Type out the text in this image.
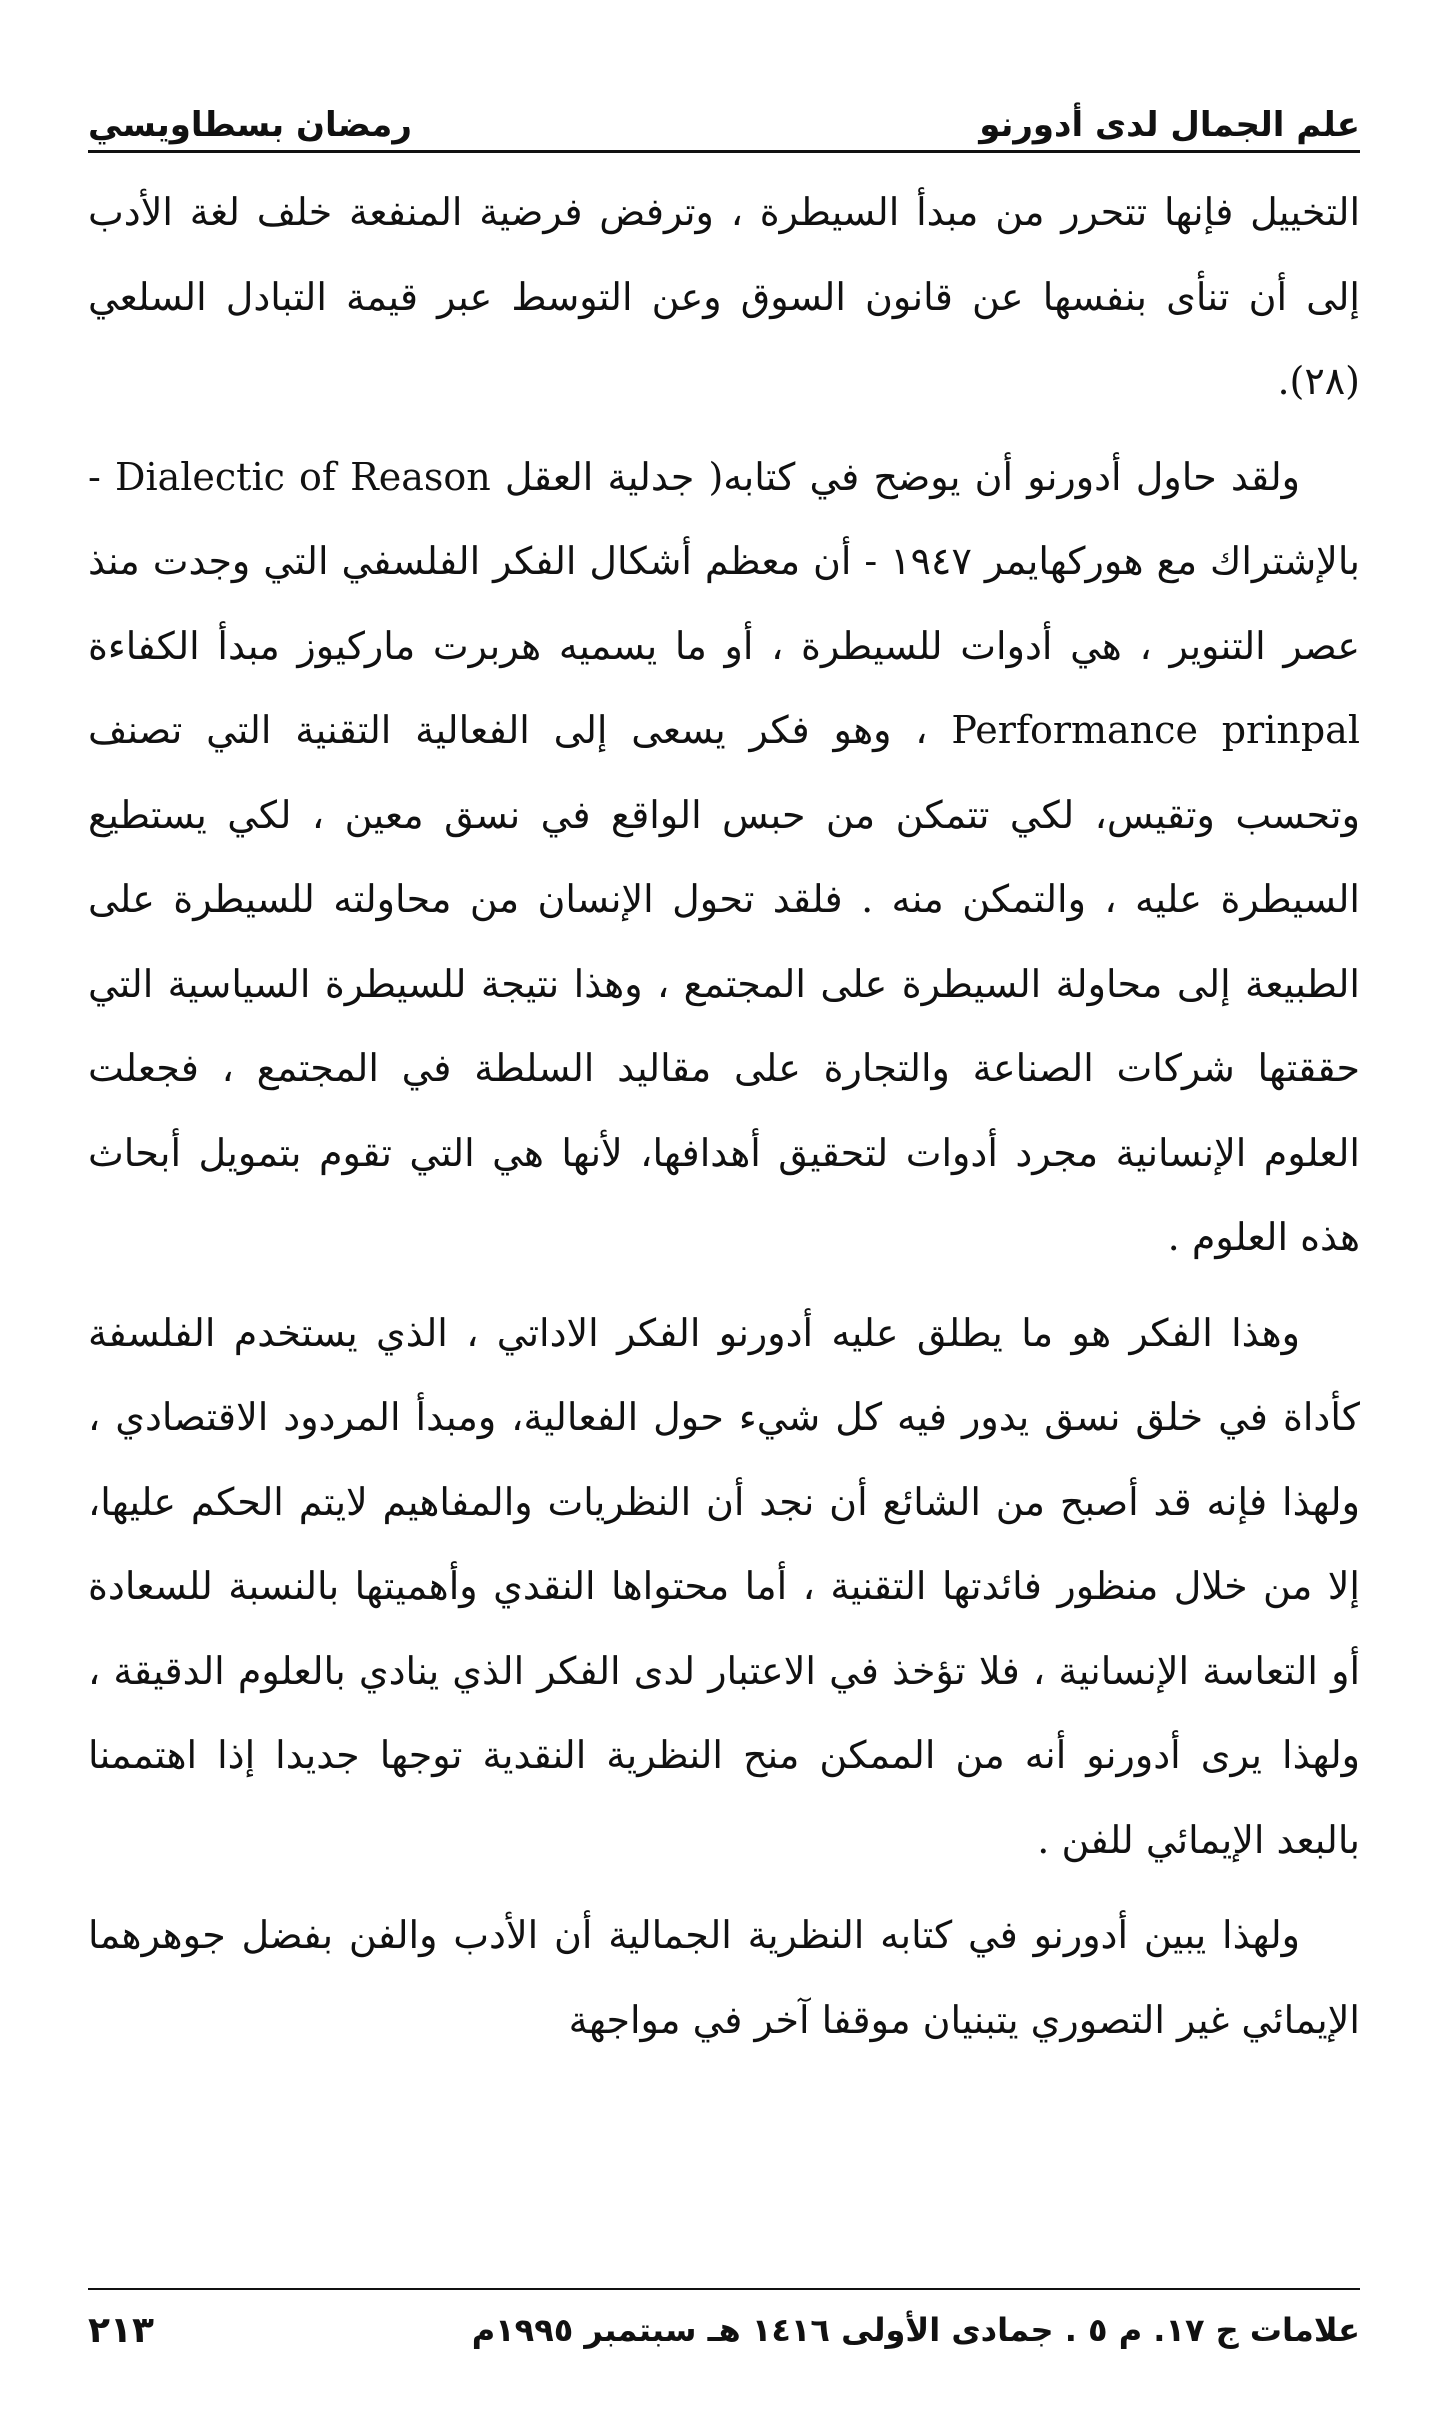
علم الجمال لدى أدورنو
رمضان بسطاويسي

التخييل فإنها تتحرر من مبدأ السيطرة ، وترفض فرضية المنفعة خلف لغة الأدب إلى أن تنأى بنفسها عن قانون السوق وعن التوسط عبر قيمة التبادل السلعي (٢٨).

ولقد حاول أدورنو أن يوضح في كتابه( جدلية العقل Dialectic of Reason - بالإشتراك مع هوركهايمر ١٩٤٧ - أن معظم أشكال الفكر الفلسفي التي وجدت منذ عصر التنوير ، هي أدوات للسيطرة ، أو ما يسميه هربرت ماركيوز مبدأ الكفاءة Performance prinpal ، وهو فكر يسعى إلى الفعالية التقنية التي تصنف وتحسب وتقيس، لكي تتمكن من حبس الواقع في نسق معين ، لكي يستطيع السيطرة عليه ، والتمكن منه . فلقد تحول الإنسان من محاولته للسيطرة على الطبيعة إلى محاولة السيطرة على المجتمع ، وهذا نتيجة للسيطرة السياسية التي حققتها شركات الصناعة والتجارة على مقاليد السلطة في المجتمع ، فجعلت العلوم الإنسانية مجرد أدوات لتحقيق أهدافها، لأنها هي التي تقوم بتمويل أبحاث هذه العلوم .

وهذا الفكر هو ما يطلق عليه أدورنو الفكر الاداتي ، الذي يستخدم الفلسفة كأداة في خلق نسق يدور فيه كل شيء حول الفعالية، ومبدأ المردود الاقتصادي ، ولهذا فإنه قد أصبح من الشائع أن نجد أن النظريات والمفاهيم لايتم الحكم عليها، إلا من خلال منظور فائدتها التقنية ، أما محتواها النقدي وأهميتها بالنسبة للسعادة أو التعاسة الإنسانية ، فلا تؤخذ في الاعتبار لدى الفكر الذي ينادي بالعلوم الدقيقة ، ولهذا يرى أدورنو أنه من الممكن منح النظرية النقدية توجها جديدا إذا اهتممنا بالبعد الإيمائي للفن .

ولهذا يبين أدورنو في كتابه النظرية الجمالية أن الأدب والفن بفضل جوهرهما الإيمائي غير التصوري يتبنيان موقفا آخر في مواجهة

علامات ج ١٧. م ٥ . جمادى الأولى ١٤١٦ هـ سبتمبر ١٩٩٥م
٢١٣
